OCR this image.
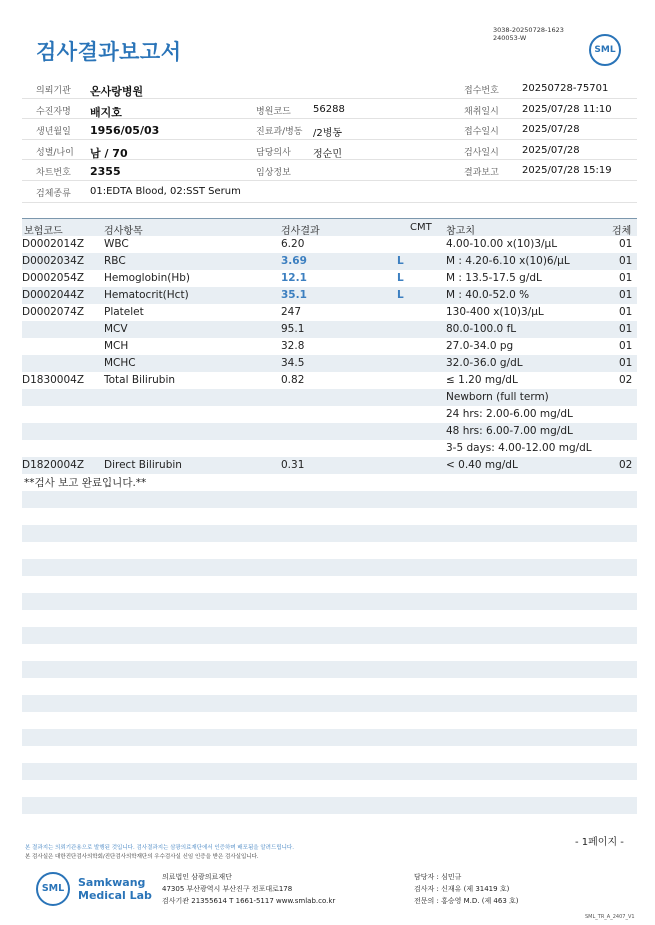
검사결과보고서
3038-20250728-1623
240053-W
SML
의뢰기관 온사랑병원	접수번호 20250728-75701
수진자명 배지호	병원코드 56288	채취일시 2025/07/28 11:10
생년월일 1956/05/03	진료과/병동 /2병동	접수일시 2025/07/28
성별/나이 남 / 70	담당의사 정순민	검사일시 2025/07/28
차트번호 2355	임상정보	결과보고 2025/07/28 15:19
검체종류 01:EDTA Blood, 02:SST Serum
보험코드	검사항목	검사결과	CMT 참고치	검체
D0002014Z WBC	6.20	4.00-10.00 x(10)3/μL	01
D0002034Z RBC	3.69	L	M : 4.20-6.10 x(10)6/μL	01
D0002054Z Hemoglobin(Hb)	12.1	L	M : 13.5-17.5 g/dL	01
D0002044Z Hematocrit(Hct)	35.1	L	M : 40.0-52.0 %	01
D0002074Z Platelet	247	130-400 x(10)3/μL	01
MCV	95.1	80.0-100.0 fL	01
MCH	32.8	27.0-34.0 pg	01
MCHC	34.5	32.0-36.0 g/dL	01
D1830004Z Total Bilirubin	0.82	≤ 1.20 mg/dL	02
Newborn (full term)
24 hrs: 2.00-6.00 mg/dL
48 hrs: 6.00-7.00 mg/dL
3-5 days: 4.00-12.00 mg/dL
D1820004Z Direct Bilirubin	0.31	< 0.40 mg/dL	02
**검사 보고 완료입니다.**
- 1페이지 -
본 결과지는 의뢰기관용으로 발행된 것입니다. 검사결과지는 삼광의료재단에서 인증하며 배포됨을 알려드립니다.
본 검사실은 대한진단검사의학회/진단검사의학재단의 우수검사실 신임 인증을 받은 검사실입니다.
SML	Samkwang
Medical Lab
의료법인 삼광의료재단
47305 부산광역시 부산진구 전포대로178
검사기관 21355614 T 1661-5117 www.smlab.co.kr
담당자 : 심민규
검사자 : 신재유 (제 31419 호)
전문의 : 홍승영 M.D. (제 463 호)
SML_TR_A_2407_V1
